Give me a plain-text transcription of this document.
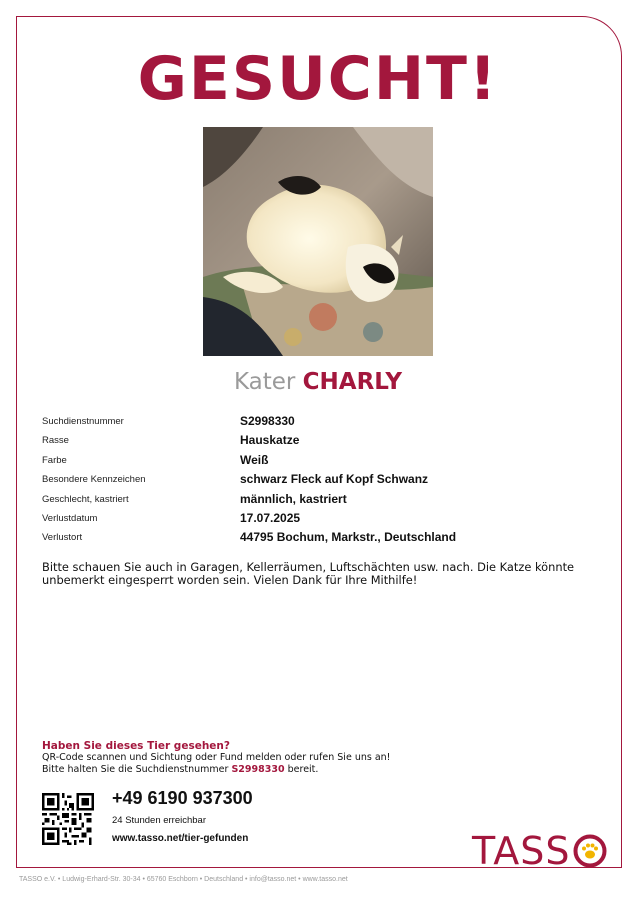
GESUCHT!
Kater CHARLY
Suchdienstnummer	S2998330
Rasse	Hauskatze
Farbe	Weiß
Besondere Kennzeichen	schwarz Fleck auf Kopf Schwanz
Geschlecht, kastriert	männlich, kastriert
Verlustdatum	17.07.2025
Verlustort	44795 Bochum, Markstr., Deutschland

Bitte schauen Sie auch in Garagen, Kellerräumen, Luftschächten usw. nach. Die Katze könnte unbemerkt eingesperrt worden sein. Vielen Dank für Ihre Mithilfe!

Haben Sie dieses Tier gesehen?
QR-Code scannen und Sichtung oder Fund melden oder rufen Sie uns an!
Bitte halten Sie die Suchdienstnummer S2998330 bereit.
+49 6190 937300
24 Stunden erreichbar
www.tasso.net/tier-gefunden	TASS
TASSO e.V. • Ludwig-Erhard-Str. 30-34 • 65760 Eschborn • Deutschland • info@tasso.net • www.tasso.net
